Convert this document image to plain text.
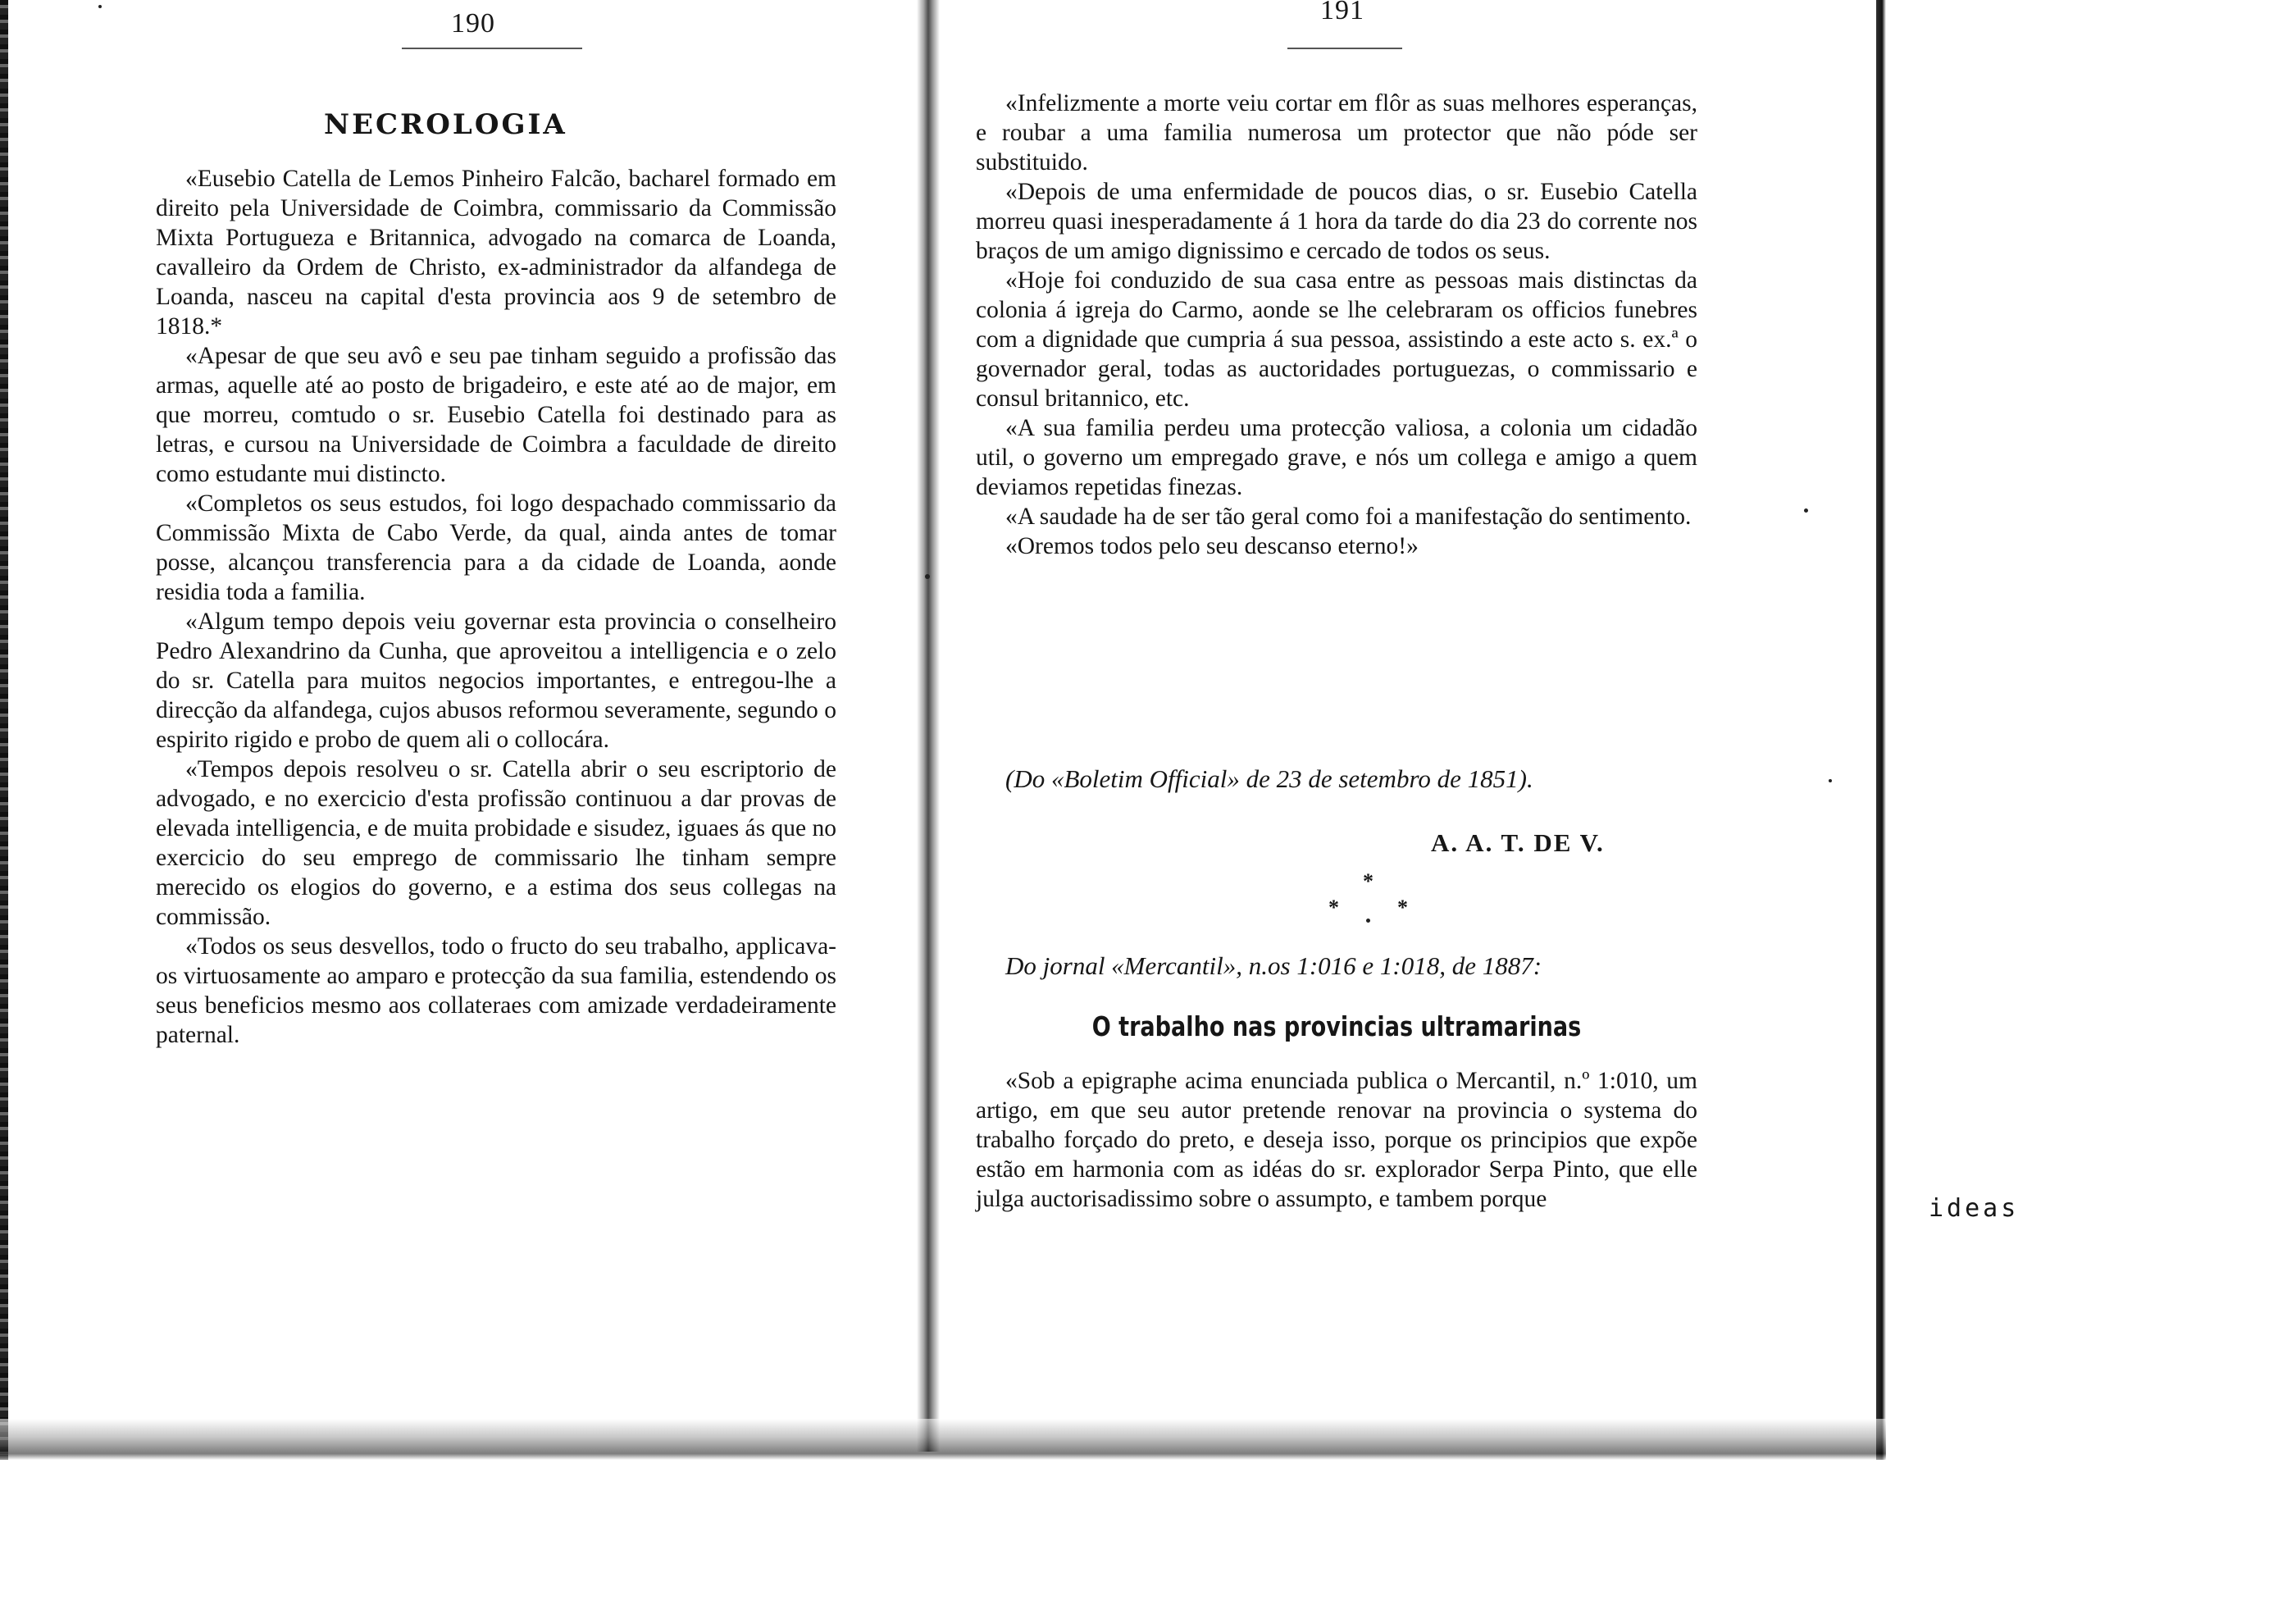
190
NECROLOGIA

«Eusebio Catella de Lemos Pinheiro Falcão, bacharel formado em direito pela Universidade de Coimbra, commissario da Commissão Mixta Portugueza e Britannica, advogado na comarca de Loanda, cavalleiro da Ordem de Christo, ex-administrador da alfandega de Loanda, nasceu na capital d'esta provincia aos 9 de setembro de 1818.*

«Apesar de que seu avô e seu pae tinham seguido a profissão das armas, aquelle até ao posto de brigadeiro, e este até ao de major, em que morreu, comtudo o sr. Eusebio Catella foi destinado para as letras, e cursou na Universidade de Coimbra a faculdade de direito como estudante mui distincto.

«Completos os seus estudos, foi logo despachado commissario da Commissão Mixta de Cabo Verde, da qual, ainda antes de tomar posse, alcançou transferencia para a da cidade de Loanda, aonde residia toda a familia.

«Algum tempo depois veiu governar esta provincia o conselheiro Pedro Alexandrino da Cunha, que aproveitou a intelligencia e o zelo do sr. Catella para muitos negocios importantes, e entregou-lhe a direcção da alfandega, cujos abusos reformou severamente, segundo o espirito rigido e probo de quem ali o collocára.

«Tempos depois resolveu o sr. Catella abrir o seu escriptorio de advogado, e no exercicio d'esta profissão continuou a dar provas de elevada intelligencia, e de muita probidade e sisudez, iguaes ás que no exercicio do seu emprego de commissario lhe tinham sempre merecido os elogios do governo, e a estima dos seus collegas na commissão.

«Todos os seus desvellos, todo o fructo do seu trabalho, applicava-os virtuosamente ao amparo e protecção da sua familia, estendendo os seus beneficios mesmo aos collateraes com amizade verdadeiramente paternal.

191

«Infelizmente a morte veiu cortar em flôr as suas melhores esperanças, e roubar a uma familia numerosa um protector que não póde ser substituido.

«Depois de uma enfermidade de poucos dias, o sr. Eusebio Catella morreu quasi inesperadamente á 1 hora da tarde do dia 23 do corrente nos braços de um amigo dignissimo e cercado de todos os seus.

«Hoje foi conduzido de sua casa entre as pessoas mais distinctas da colonia á igreja do Carmo, aonde se lhe celebraram os officios funebres com a dignidade que cumpria á sua pessoa, assistindo a este acto s. ex.ª o governador geral, todas as auctoridades portuguezas, o commissario e consul britannico, etc.

«A sua familia perdeu uma protecção valiosa, a colonia um cidadão util, o governo um empregado grave, e nós um collega e amigo a quem deviamos repetidas finezas.

«A saudade ha de ser tão geral como foi a manifestação do sentimento.

«Oremos todos pelo seu descanso eterno!»

(Do «Boletim Official» de 23 de setembro de 1851).
A. A. T. DE V.
*
*	*
Do jornal «Mercantil», n.os 1:016 e 1:018, de 1887:
O trabalho nas provincias ultramarinas

«Sob a epigraphe acima enunciada publica o Mercantil, n.º 1:010, um artigo, em que seu autor pretende renovar na provincia o systema do trabalho forçado do preto, e deseja isso, porque os principios que expõe estão em harmonia com as idéas do sr. explorador Serpa Pinto, que elle julga auctorisadissimo sobre o assumpto, e tambem porque	ideas
